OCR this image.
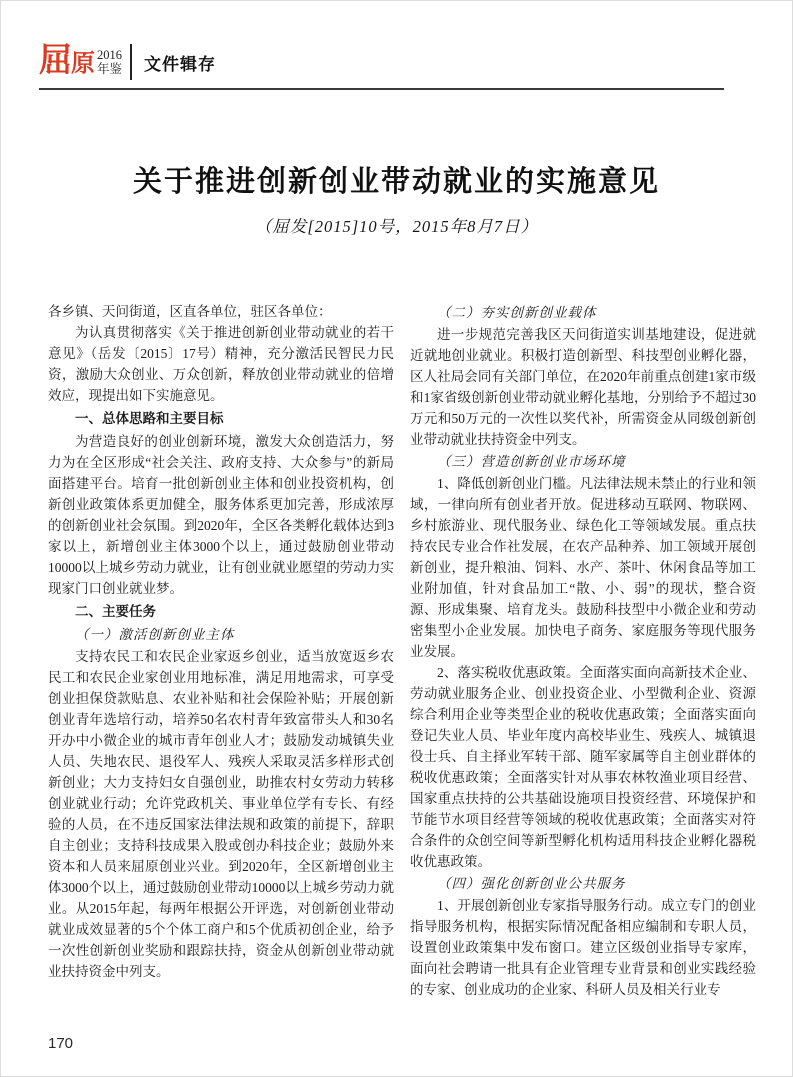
屈原 2016
年鉴 文件辑存
关于推进创新创业带动就业的实施意见
（屈发[2015]10号，2015年8月7日）

各乡镇、天问街道，区直各单位，驻区各单位：

为认真贯彻落实《关于推进创新创业带动就业的若干意见》（岳发〔2015〕17号）精神，充分激活民智民力民资，激励大众创业、万众创新，释放创业带动就业的倍增效应，现提出如下实施意见。

一、总体思路和主要目标

为营造良好的创业创新环境，激发大众创造活力，努力为在全区形成“社会关注、政府支持、大众参与”的新局面搭建平台。培育一批创新创业主体和创业投资机构，创新创业政策体系更加健全，服务体系更加完善，形成浓厚的创新创业社会氛围。到2020年，全区各类孵化载体达到3家以上，新增创业主体3000个以上，通过鼓励创业带动10000以上城乡劳动力就业，让有创业就业愿望的劳动力实现家门口创业就业梦。

二、主要任务

（一）激活创新创业主体

支持农民工和农民企业家返乡创业，适当放宽返乡农民工和农民企业家创业用地标准，满足用地需求，可享受创业担保贷款贴息、农业补贴和社会保险补贴；开展创新创业青年选培行动，培养50名农村青年致富带头人和30名开办中小微企业的城市青年创业人才；鼓励发动城镇失业人员、失地农民、退役军人、残疾人采取灵活多样形式创新创业；大力支持妇女自强创业，助推农村女劳动力转移创业就业行动；允许党政机关、事业单位学有专长、有经验的人员，在不违反国家法律法规和政策的前提下，辞职自主创业；支持科技成果入股或创办科技企业；鼓励外来资本和人员来屈原创业兴业。到2020年，全区新增创业主体3000个以上，通过鼓励创业带动10000以上城乡劳动力就业。从2015年起，每两年根据公开评选，对创新创业带动就业成效显著的5个个体工商户和5个优质初创企业，给予一次性创新创业奖励和跟踪扶持，资金从创新创业带动就业扶持资金中列支。

（二）夯实创新创业载体

进一步规范完善我区天问街道实训基地建设，促进就近就地创业就业。积极打造创新型、科技型创业孵化器，区人社局会同有关部门单位，在2020年前重点创建1家市级和1家省级创新创业带动就业孵化基地，分别给予不超过30万元和50万元的一次性以奖代补，所需资金从同级创新创业带动就业扶持资金中列支。

（三）营造创新创业市场环境

1、降低创新创业门槛。凡法律法规未禁止的行业和领域，一律向所有创业者开放。促进移动互联网、物联网、乡村旅游业、现代服务业、绿色化工等领域发展。重点扶持农民专业合作社发展，在农产品种养、加工领域开展创新创业，提升粮油、饲料、水产、茶叶、休闲食品等加工业附加值，针对食品加工“散、小、弱”的现状，整合资源、形成集聚、培育龙头。鼓励科技型中小微企业和劳动密集型小企业发展。加快电子商务、家庭服务等现代服务业发展。

2、落实税收优惠政策。全面落实面向高新技术企业、劳动就业服务企业、创业投资企业、小型微利企业、资源综合利用企业等类型企业的税收优惠政策；全面落实面向登记失业人员、毕业年度内高校毕业生、残疾人、城镇退役士兵、自主择业军转干部、随军家属等自主创业群体的税收优惠政策；全面落实针对从事农林牧渔业项目经营、国家重点扶持的公共基础设施项目投资经营、环境保护和节能节水项目经营等领域的税收优惠政策；全面落实对符合条件的众创空间等新型孵化机构适用科技企业孵化器税收优惠政策。

（四）强化创新创业公共服务

1、开展创新创业专家指导服务行动。成立专门的创业指导服务机构，根据实际情况配备相应编制和专职人员，设置创业政策集中发布窗口。建立区级创业指导专家库，面向社会聘请一批具有企业管理专业背景和创业实践经验的专家、创业成功的企业家、科研人员及相关行业专

170
